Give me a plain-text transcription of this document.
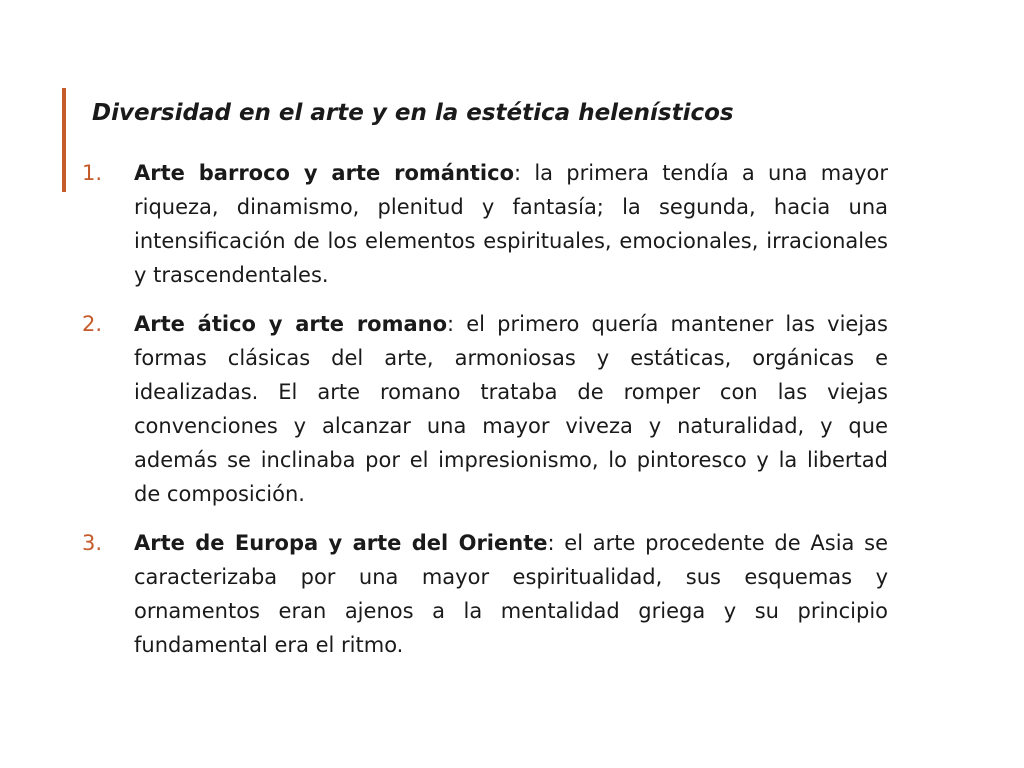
Diversidad en el arte y en la estética helenísticos
1. Arte barroco y arte romántico: la primera tendía a una mayor riqueza, dinamismo, plenitud y fantasía; la segunda, hacia una intensificación de los elementos espirituales, emocionales, irracionales y trascendentales.
2. Arte ático y arte romano: el primero quería mantener las viejas formas clásicas del arte, armoniosas y estáticas, orgánicas e idealizadas. El arte romano trataba de romper con las viejas convenciones y alcanzar una mayor viveza y naturalidad, y que además se inclinaba por el impresionismo, lo pintoresco y la libertad de composición.
3. Arte de Europa y arte del Oriente: el arte procedente de Asia se caracterizaba por una mayor espiritualidad, sus esquemas y ornamentos eran ajenos a la mentalidad griega y su principio fundamental era el ritmo.
